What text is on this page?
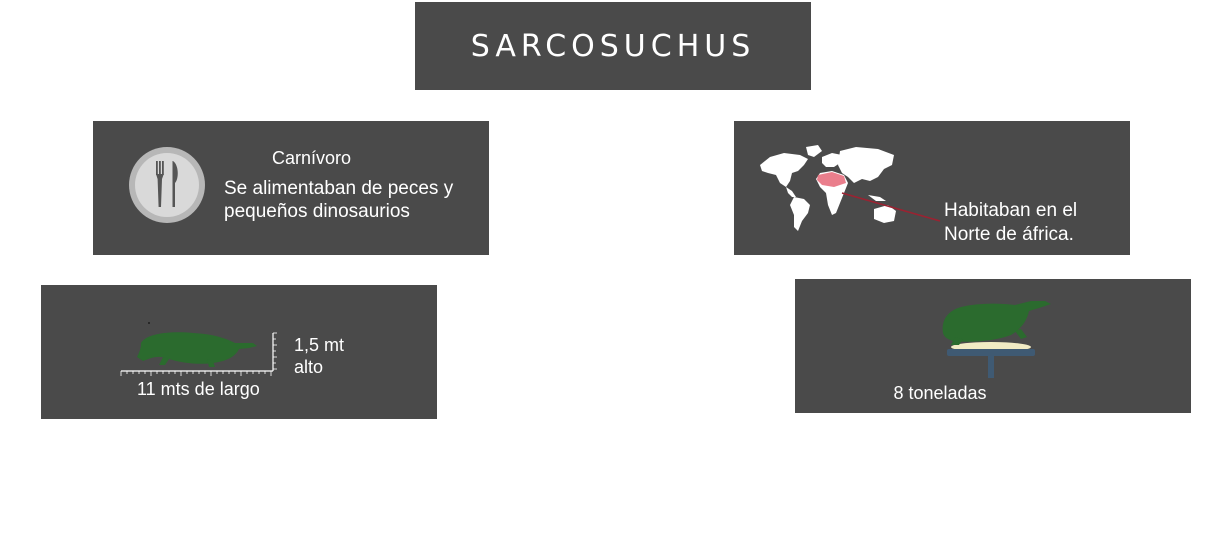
SARCOSUCHUS
Carnívoro
Se alimentaban de peces y pequeños dinosaurios	Habitaban en el Norte de áfrica.
1,5 mt alto
11 mts de largo	8 toneladas
